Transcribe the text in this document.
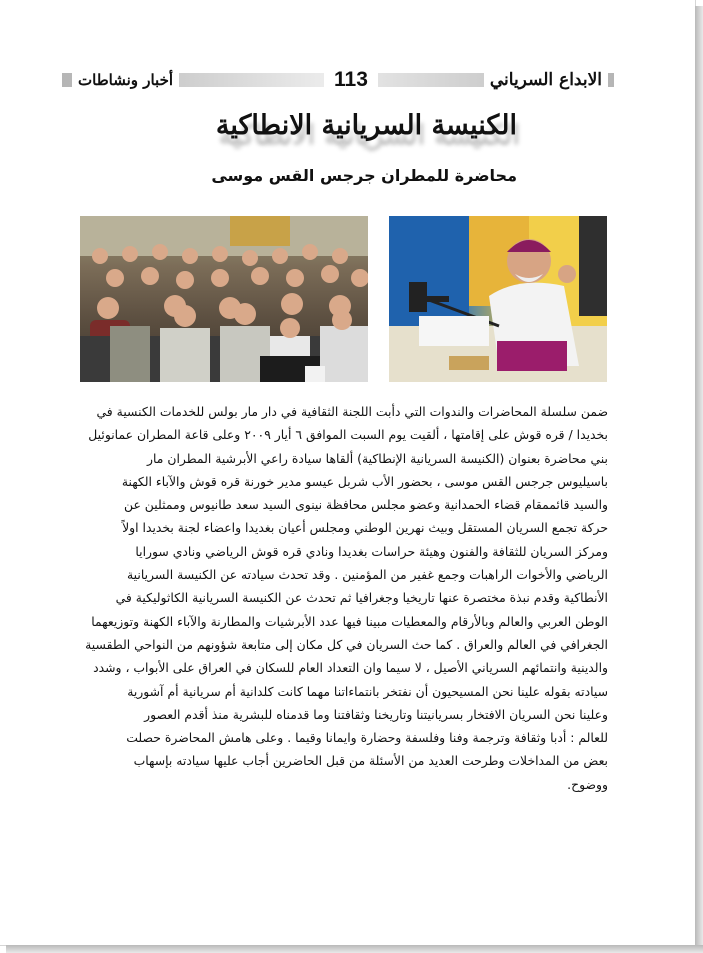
الابداع السرياني
113
أخبار ونشاطات
الكنيسة السريانية الانطاكية
محاضرة للمطران جرجس القس موسى
ضمن سلسلة المحاضرات والندوات التي دأبت اللجنة الثقافية في دار مار بولس للخدمات الكنسية في
بخديدا / قره قوش على إقامتها ، ألقيت يوم السبت الموافق ٦ أيار ٢٠٠٩ وعلى قاعة المطران عمانوئيل
بني محاضرة بعنوان (الكنيسة السريانية الإنطاكية) ألقاها سيادة راعي الأبرشية المطران مار
باسيليوس جرجس القس موسى ، بحضور الأب شربل عيسو مدير خورنة قره قوش والآباء الكهنة
والسيد قائممقام قضاء الحمدانية وعضو مجلس محافظة نينوى السيد سعد طانيوس وممثلين عن
حركة تجمع السريان المستقل وبيث نهرين الوطني ومجلس أعيان بغديدا واعضاء لجنة بخديدا اولاً
ومركز السريان للثقافة والفنون وهيئة حراسات بغديدا ونادي قره قوش الرياضي ونادي سورايا
الرياضي والأخوات الراهبات وجمع غفير من المؤمنين . وقد تحدث سيادته عن الكنيسة السريانية
الأنطاكية وقدم نبذة مختصرة عنها تاريخيا وجغرافيا ثم تحدث عن الكنيسة السريانية الكاثوليكية في
الوطن العربي والعالم وبالأرقام والمعطيات مبينا فيها عدد الأبرشيات والمطارنة والآباء الكهنة وتوزيعهما
الجغرافي في العالم والعراق . كما حث السريان في كل مكان إلى متابعة شؤونهم من النواحي الطقسية
والدينية وانتمائهم السرياني الأصيل ، لا سيما وان التعداد العام للسكان في العراق على الأبواب ، وشدد
سيادته بقوله علينا نحن المسيحيون أن نفتخر بانتماءاتنا مهما كانت كلدانية أم سريانية أم آشورية
وعلينا نحن السريان الافتخار بسريانيتنا وتاريخنا وثقافتنا وما قدمناه للبشرية منذ أقدم العصور
للعالم : أدبا وثقافة وترجمة وفنا وفلسفة وحضارة وايمانا وقيما . وعلى هامش المحاضرة حصلت
بعض من المداخلات وطرحت العديد من الأسئلة من قبل الحاضرين أجاب عليها سيادته بإسهاب
ووضوح.
